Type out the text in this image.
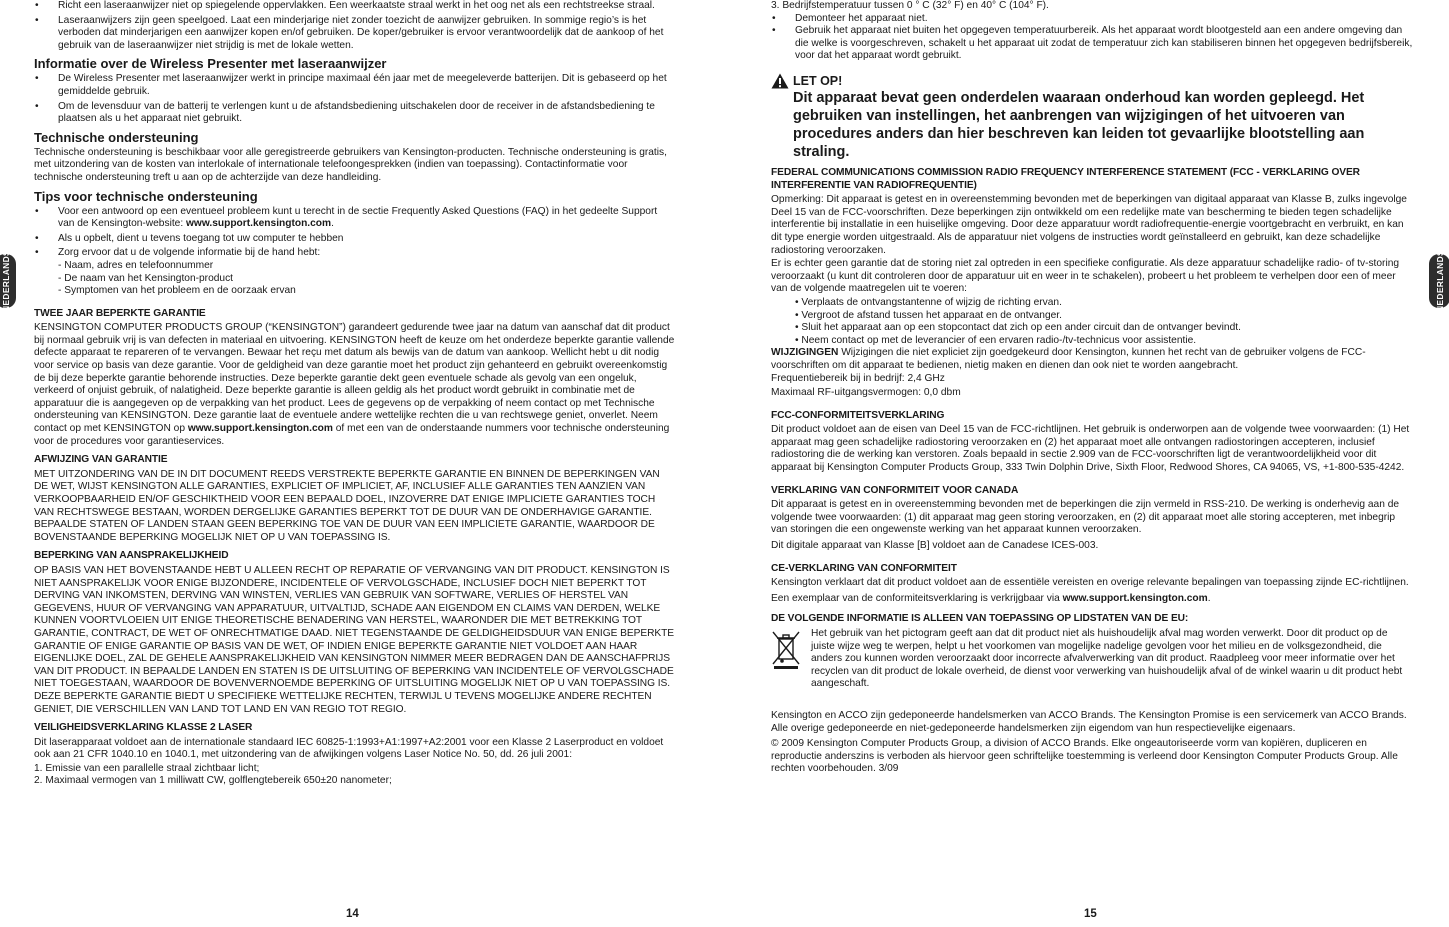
NEDERLANDS	NEDERLANDS
•	Richt een laseraanwijzer niet op spiegelende oppervlakken. Een weerkaatste straal werkt in het oog net als een rechtstreekse straal.
•	Laseraanwijzers zijn geen speelgoed. Laat een minderjarige niet zonder toezicht de aanwijzer gebruiken. In sommige regio’s is het verboden dat minderjarigen een aanwijzer kopen en/of gebruiken. De koper/gebruiker is ervoor verantwoordelijk dat de aankoop of het gebruik van de laseraanwijzer niet strijdig is met de lokale wetten.
Informatie over de Wireless Presenter met laseraanwijzer
•	De Wireless Presenter met laseraanwijzer werkt in principe maximaal één jaar met de meegeleverde batterijen. Dit is gebaseerd op het gemiddelde gebruik.
•	Om de levensduur van de batterij te verlengen kunt u de afstandsbediening uitschakelen door de receiver in de afstandsbediening te plaatsen als u het apparaat niet gebruikt.
Technische ondersteuning

Technische ondersteuning is beschikbaar voor alle geregistreerde gebruikers van Kensington-producten. Technische ondersteuning is gratis, met uitzondering van de kosten van interlokale of internationale telefoongesprekken (indien van toepassing). Contactinformatie voor technische ondersteuning treft u aan op de achterzijde van deze handleiding.

Tips voor technische ondersteuning
•	Voor een antwoord op een eventueel probleem kunt u terecht in de sectie Frequently Asked Questions (FAQ) in het gedeelte Support van de Kensington-website: www.support.kensington.com.
•	Als u opbelt, dient u tevens toegang tot uw computer te hebben
•	Zorg ervoor dat u de volgende informatie bij de hand hebt:
- Naam, adres en telefoonnummer
- De naam van het Kensington-product
- Symptomen van het probleem en de oorzaak ervan
TWEE JAAR BEPERKTE GARANTIE

KENSINGTON COMPUTER PRODUCTS GROUP (“KENSINGTON”) garandeert gedurende twee jaar na datum van aanschaf dat dit product bij normaal gebruik vrij is van defecten in materiaal en uitvoering. KENSINGTON heeft de keuze om het onderdeze beperkte garantie vallende defecte apparaat te repareren of te vervangen. Bewaar het reçu met datum als bewijs van de datum van aankoop. Wellicht hebt u dit nodig voor service op basis van deze garantie. Voor de geldigheid van deze garantie moet het product zijn gehanteerd en gebruikt overeenkomstig de bij deze beperkte garantie behorende instructies. Deze beperkte garantie dekt geen eventuele schade als gevolg van een ongeluk, verkeerd of onjuist gebruik, of nalatigheid. Deze beperkte garantie is alleen geldig als het product wordt gebruikt in combinatie met de apparatuur die is aangegeven op de verpakking van het product. Lees de gegevens op de verpakking of neem contact op met Technische ondersteuning van KENSINGTON. Deze garantie laat de eventuele andere wettelijke rechten die u van rechtswege geniet, onverlet. Neem contact op met KENSINGTON op www.support.kensington.com of met een van de onderstaande nummers voor technische ondersteuning voor de procedures voor garantieservices.

AFWIJZING VAN GARANTIE

MET UITZONDERING VAN DE IN DIT DOCUMENT REEDS VERSTREKTE BEPERKTE GARANTIE EN BINNEN DE BEPERKINGEN VAN DE WET, WIJST KENSINGTON ALLE GARANTIES, EXPLICIET OF IMPLICIET, AF, INCLUSIEF ALLE GARANTIES TEN AANZIEN VAN VERKOOPBAARHEID EN/OF GESCHIKTHEID VOOR EEN BEPAALD DOEL, INZOVERRE DAT ENIGE IMPLICIETE GARANTIES TOCH VAN RECHTSWEGE BESTAAN, WORDEN DERGELIJKE GARANTIES BEPERKT TOT DE DUUR VAN DE ONDERHAVIGE GARANTIE. BEPAALDE STATEN OF LANDEN STAAN GEEN BEPERKING TOE VAN DE DUUR VAN EEN IMPLICIETE GARANTIE, WAARDOOR DE BOVENSTAANDE BEPERKING MOGELIJK NIET OP U VAN TOEPASSING IS.

BEPERKING VAN AANSPRAKELIJKHEID

OP BASIS VAN HET BOVENSTAANDE HEBT U ALLEEN RECHT OP REPARATIE OF VERVANGING VAN DIT PRODUCT. KENSINGTON IS NIET AANSPRAKELIJK VOOR ENIGE BIJZONDERE, INCIDENTELE OF VERVOLGSCHADE, INCLUSIEF DOCH NIET BEPERKT TOT DERVING VAN INKOMSTEN, DERVING VAN WINSTEN, VERLIES VAN GEBRUIK VAN SOFTWARE, VERLIES OF HERSTEL VAN GEGEVENS, HUUR OF VERVANGING VAN APPARATUUR, UITVALTIJD, SCHADE AAN EIGENDOM EN CLAIMS VAN DERDEN, WELKE KUNNEN VOORTVLOEIEN UIT ENIGE THEORETISCHE BENADERING VAN HERSTEL, WAARONDER DIE MET BETREKKING TOT GARANTIE, CONTRACT, DE WET OF ONRECHTMATIGE DAAD. NIET TEGENSTAANDE DE GELDIGHEIDSDUUR VAN ENIGE BEPERKTE GARANTIE OF ENIGE GARANTIE OP BASIS VAN DE WET, OF INDIEN ENIGE BEPERKTE GARANTIE NIET VOLDOET AAN HAAR EIGENLIJKE DOEL, ZAL DE GEHELE AANSPRAKELIJKHEID VAN KENSINGTON NIMMER MEER BEDRAGEN DAN DE AANSCHAFPRIJS VAN DIT PRODUCT. IN BEPAALDE LANDEN EN STATEN IS DE UITSLUITING OF BEPERKING VAN INCIDENTELE OF VERVOLGSCHADE NIET TOEGESTAAN, WAARDOOR DE BOVENVERNOEMDE BEPERKING OF UITSLUITING MOGELIJK NIET OP U VAN TOEPASSING IS. DEZE BEPERKTE GARANTIE BIEDT U SPECIFIEKE WETTELIJKE RECHTEN, TERWIJL U TEVENS MOGELIJKE ANDERE RECHTEN GENIET, DIE VERSCHILLEN VAN LAND TOT LAND EN VAN REGIO TOT REGIO.

VEILIGHEIDSVERKLARING KLASSE 2 LASER

Dit laserapparaat voldoet aan de internationale standaard IEC 60825-1:1993+A1:1997+A2:2001 voor een Klasse 2 Laserproduct en voldoet ook aan 21 CFR 1040.10 en 1040.1, met uitzondering van de afwijkingen volgens Laser Notice No. 50, dd. 26 juli 2001:

1. Emissie van een parallelle straal zichtbaar licht;
2. Maximaal vermogen van 1 milliwatt CW, golflengtebereik 650±20 nanometer;
14
3. Bedrijfstemperatuur tussen 0 ° C (32° F) en 40° C (104° F).
•	Demonteer het apparaat niet.
•	Gebruik het apparaat niet buiten het opgegeven temperatuurbereik. Als het apparaat wordt blootgesteld aan een andere omgeving dan die welke is voorgeschreven, schakelt u het apparaat uit zodat de temperatuur zich kan stabiliseren binnen het opgegeven bedrijfsbereik, voor dat het apparaat wordt gebruikt.
LET OP!
Dit apparaat bevat geen onderdelen waaraan onderhoud kan worden gepleegd. Het gebruiken van instellingen, het aanbrengen van wijzigingen of het uitvoeren van procedures anders dan hier beschreven kan leiden tot gevaarlijke blootstelling aan straling.
FEDERAL COMMUNICATIONS COMMISSION RADIO FREQUENCY INTERFERENCE STATEMENT (FCC - VERKLARING OVER INTERFERENTIE VAN RADIOFREQUENTIE)

Opmerking: Dit apparaat is getest en in overeenstemming bevonden met de beperkingen van digitaal apparaat van Klasse B, zulks ingevolge Deel 15 van de FCC-voorschriften. Deze beperkingen zijn ontwikkeld om een redelijke mate van bescherming te bieden tegen schadelijke interferentie bij installatie in een huiselijke omgeving. Door deze apparatuur wordt radiofrequentie-energie voortgebracht en verbruikt, en kan dit type energie worden uitgestraald. Als de apparatuur niet volgens de instructies wordt geïnstalleerd en gebruikt, kan deze schadelijke radiostoring veroorzaken.

Er is echter geen garantie dat de storing niet zal optreden in een specifieke configuratie. Als deze apparatuur schadelijke radio- of tv-storing veroorzaakt (u kunt dit controleren door de apparatuur uit en weer in te schakelen), probeert u het probleem te verhelpen door een of meer van de volgende maatregelen uit te voeren:

• Verplaats de ontvangstantenne of wijzig de richting ervan.
• Vergroot de afstand tussen het apparaat en de ontvanger.
• Sluit het apparaat aan op een stopcontact dat zich op een ander circuit dan de ontvanger bevindt.
• Neem contact op met de leverancier of een ervaren radio-/tv-technicus voor assistentie.

WIJZIGINGEN Wijzigingen die niet expliciet zijn goedgekeurd door Kensington, kunnen het recht van de gebruiker volgens de FCC-voorschriften om dit apparaat te bedienen, nietig maken en dienen dan ook niet te worden aangebracht.

Frequentiebereik bij in bedrijf: 2,4 GHz

Maximaal RF-uitgangsvermogen: 0,0 dbm

FCC-CONFORMITEITSVERKLARING

Dit product voldoet aan de eisen van Deel 15 van de FCC-richtlijnen. Het gebruik is onderworpen aan de volgende twee voorwaarden: (1) Het apparaat mag geen schadelijke radiostoring veroorzaken en (2) het apparaat moet alle ontvangen radiostoringen accepteren, inclusief radiostoring die de werking kan verstoren. Zoals bepaald in sectie 2.909 van de FCC-voorschriften ligt de verantwoordelijkheid voor dit apparaat bij Kensington Computer Products Group, 333 Twin Dolphin Drive, Sixth Floor, Redwood Shores, CA 94065, VS, +1-800-535-4242.

VERKLARING VAN CONFORMITEIT VOOR CANADA

Dit apparaat is getest en in overeenstemming bevonden met de beperkingen die zijn vermeld in RSS-210. De werking is onderhevig aan de volgende twee voorwaarden: (1) dit apparaat mag geen storing veroorzaken, en (2) dit apparaat moet alle storing accepteren, met inbegrip van storingen die een ongewenste werking van het apparaat kunnen veroorzaken.

Dit digitale apparaat van Klasse [B] voldoet aan de Canadese ICES-003.

CE-VERKLARING VAN CONFORMITEIT

Kensington verklaart dat dit product voldoet aan de essentiële vereisten en overige relevante bepalingen van toepassing zijnde EC-richtlijnen.

Een exemplaar van de conformiteitsverklaring is verkrijgbaar via www.support.kensington.com.

DE VOLGENDE INFORMATIE IS ALLEEN VAN TOEPASSING OP LIDSTATEN VAN DE EU:
Het gebruik van het pictogram geeft aan dat dit product niet als huishoudelijk afval mag worden verwerkt. Door dit product op de juiste wijze weg te werpen, helpt u het voorkomen van mogelijke nadelige gevolgen voor het milieu en de volksgezondheid, die anders zou kunnen worden veroorzaakt door incorrecte afvalverwerking van dit product. Raadpleeg voor meer informatie over het recyclen van dit product de lokale overheid, de dienst voor verwerking van huishoudelijk afval of de winkel waarin u dit product hebt aangeschaft.

Kensington en ACCO zijn gedeponeerde handelsmerken van ACCO Brands. The Kensington Promise is een servicemerk van ACCO Brands. Alle overige gedeponeerde en niet-gedeponeerde handelsmerken zijn eigendom van hun respectievelijke eigenaars.

© 2009 Kensington Computer Products Group, a division of ACCO Brands. Elke ongeautoriseerde vorm van kopiëren, dupliceren en reproductie anderszins is verboden als hiervoor geen schriftelijke toestemming is verleend door Kensington Computer Products Group. Alle rechten voorbehouden. 3/09

15
